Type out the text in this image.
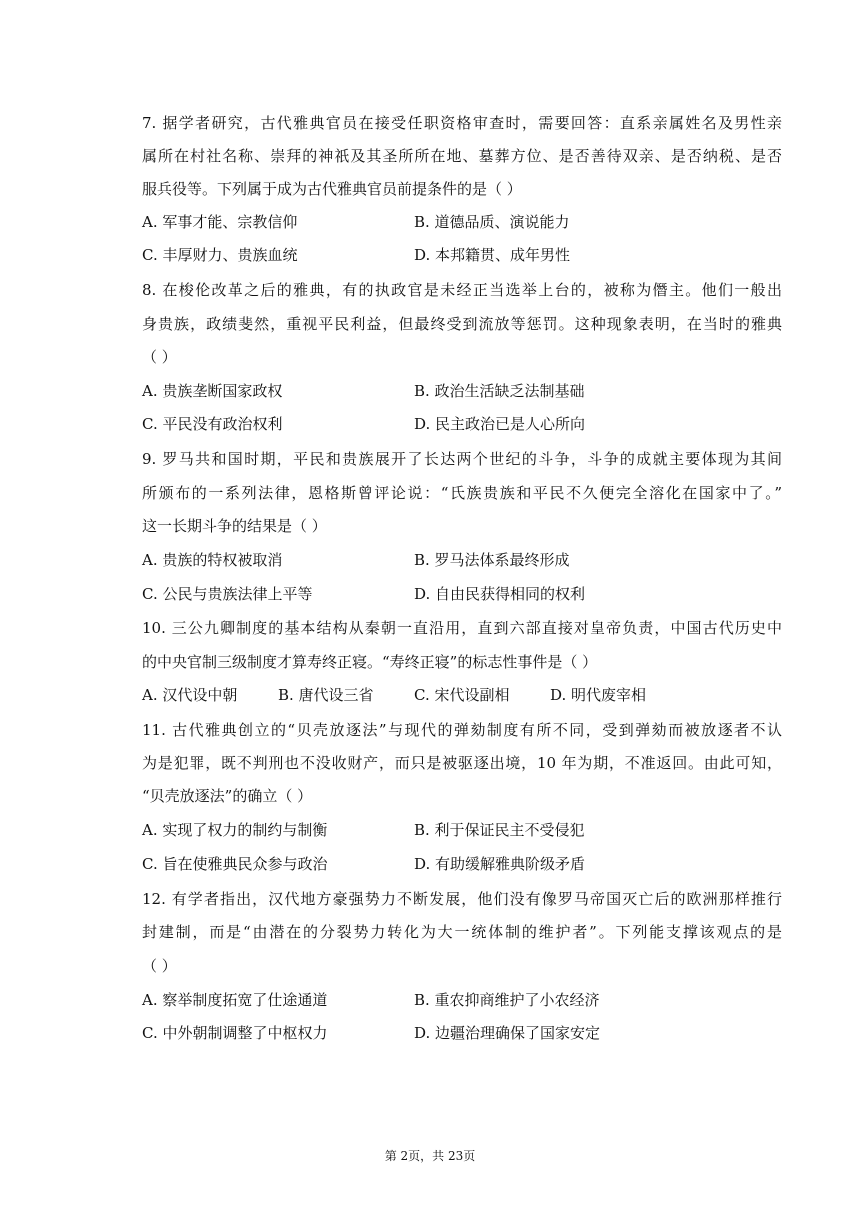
7. 据学者研究，古代雅典官员在接受任职资格审查时，需要回答：直系亲属姓名及男性亲
属所在村社名称、崇拜的神祇及其圣所所在地、墓葬方位、是否善待双亲、是否纳税、是否
服兵役等。下列属于成为古代雅典官员前提条件的是（ ）
A. 军事才能、宗教信仰	B. 道德品质、演说能力
C. 丰厚财力、贵族血统	D. 本邦籍贯、成年男性
8. 在梭伦改革之后的雅典，有的执政官是未经正当选举上台的，被称为僭主。他们一般出
身贵族，政绩斐然，重视平民利益，但最终受到流放等惩罚。这种现象表明，在当时的雅典
（ ）
A. 贵族垄断国家政权	B. 政治生活缺乏法制基础
C. 平民没有政治权利	D. 民主政治已是人心所向
9. 罗马共和国时期，平民和贵族展开了长达两个世纪的斗争，斗争的成就主要体现为其间
所颁布的一系列法律，恩格斯曾评论说：“氏族贵族和平民不久便完全溶化在国家中了。”
这一长期斗争的结果是（ ）
A. 贵族的特权被取消	B. 罗马法体系最终形成
C. 公民与贵族法律上平等	D. 自由民获得相同的权利
10. 三公九卿制度的基本结构从秦朝一直沿用，直到六部直接对皇帝负责，中国古代历史中
的中央官制三级制度才算寿终正寝。“寿终正寝”的标志性事件是（ ）
A. 汉代设中朝	B. 唐代设三省	C. 宋代设副相	D. 明代废宰相
11. 古代雅典创立的“贝壳放逐法”与现代的弹劾制度有所不同，受到弹劾而被放逐者不认
为是犯罪，既不判刑也不没收财产，而只是被驱逐出境，10 年为期，不准返回。由此可知，
“贝壳放逐法”的确立（ ）
A. 实现了权力的制约与制衡	B. 利于保证民主不受侵犯
C. 旨在使雅典民众参与政治	D. 有助缓解雅典阶级矛盾
12. 有学者指出，汉代地方豪强势力不断发展，他们没有像罗马帝国灭亡后的欧洲那样推行
封建制，而是“由潜在的分裂势力转化为大一统体制的维护者”。下列能支撑该观点的是
（ ）
A. 察举制度拓宽了仕途通道	B. 重农抑商维护了小农经济
C. 中外朝制调整了中枢权力	D. 边疆治理确保了国家安定
第 2页，共 23页
